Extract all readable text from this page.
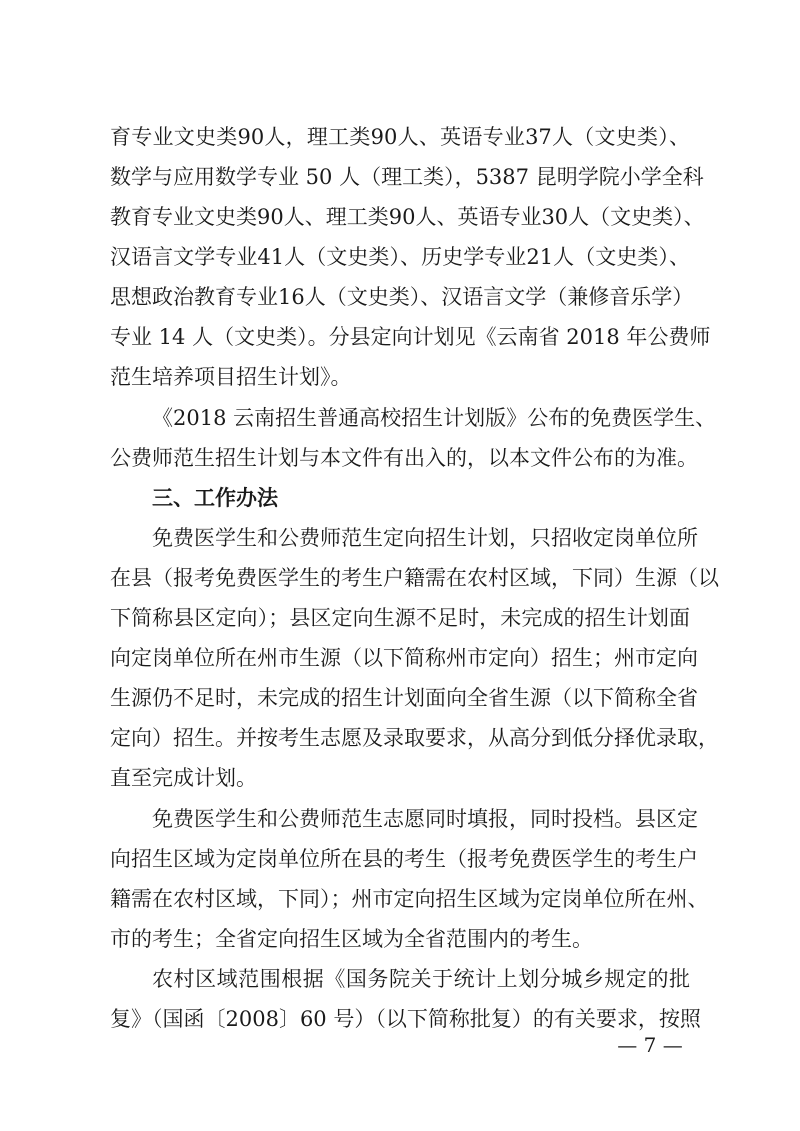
育专业文史类90人，理工类90人、英语专业37人（文史类）、
数学与应用数学专业 50 人（理工类），5387 昆明学院小学全科
教育专业文史类90人、理工类90人、英语专业30人（文史类）、
汉语言文学专业41人（文史类）、历史学专业21人（文史类）、
思想政治教育专业16人（文史类）、汉语言文学（兼修音乐学）
专业 14 人（文史类）。分县定向计划见《云南省 2018 年公费师
范生培养项目招生计划》。
《2018 云南招生普通高校招生计划版》公布的免费医学生、
公费师范生招生计划与本文件有出入的，以本文件公布的为准。
三、工作办法
免费医学生和公费师范生定向招生计划，只招收定岗单位所
在县（报考免费医学生的考生户籍需在农村区域，下同）生源（以
下简称县区定向）；县区定向生源不足时，未完成的招生计划面
向定岗单位所在州市生源（以下简称州市定向）招生；州市定向
生源仍不足时，未完成的招生计划面向全省生源（以下简称全省
定向）招生。并按考生志愿及录取要求，从高分到低分择优录取，
直至完成计划。
免费医学生和公费师范生志愿同时填报，同时投档。县区定
向招生区域为定岗单位所在县的考生（报考免费医学生的考生户
籍需在农村区域，下同）；州市定向招生区域为定岗单位所在州、
市的考生；全省定向招生区域为全省范围内的考生。
农村区域范围根据《国务院关于统计上划分城乡规定的批
复》（国函〔2008〕60 号）（以下简称批复）的有关要求，按照
— 7 —
